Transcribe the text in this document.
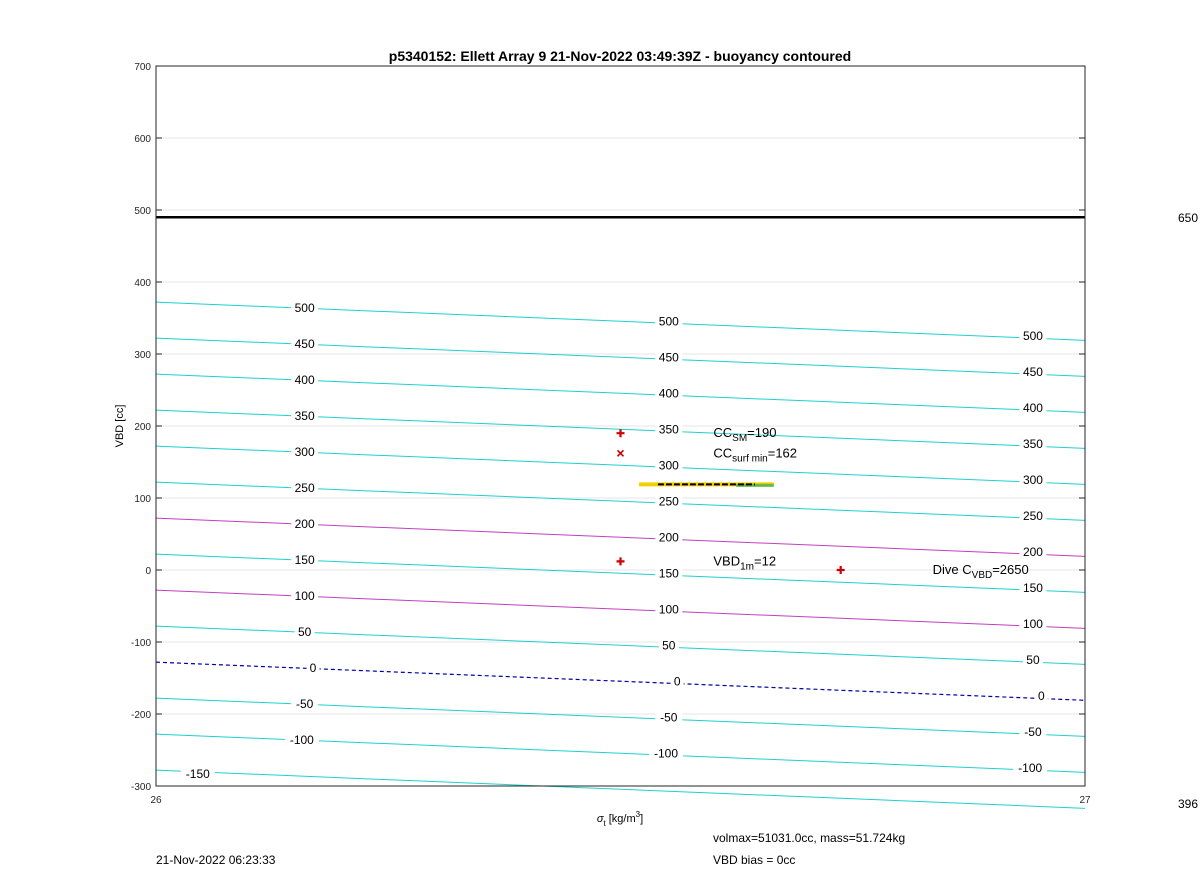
500
450
400
350
300
250
200
150
100
50
0
-50
-100
-150
500
450
400
350
300
250
200
150
100
50
0
-50
-100
500
450
400
350
300
250
200
150
100
50
0
-50
-100
-300
-200
-100
0
100
200
300
400
500
600
700
26	27
$CC_{SM}=190$
$CC_{surf min}=162$
$VBD_{1m}=12$
Dive $C_{VBD}=2650$
p5340152: Ellett Array 9 21-Nov-2022 03:49:39Z - buoyancy contoured
VBD [cc]
$\sigma_t$ $[kg/m^3]$
650
396
21-Nov-2022 06:23:33
volmax=51031.0cc, mass=51.724kg
VBD bias = 0cc
